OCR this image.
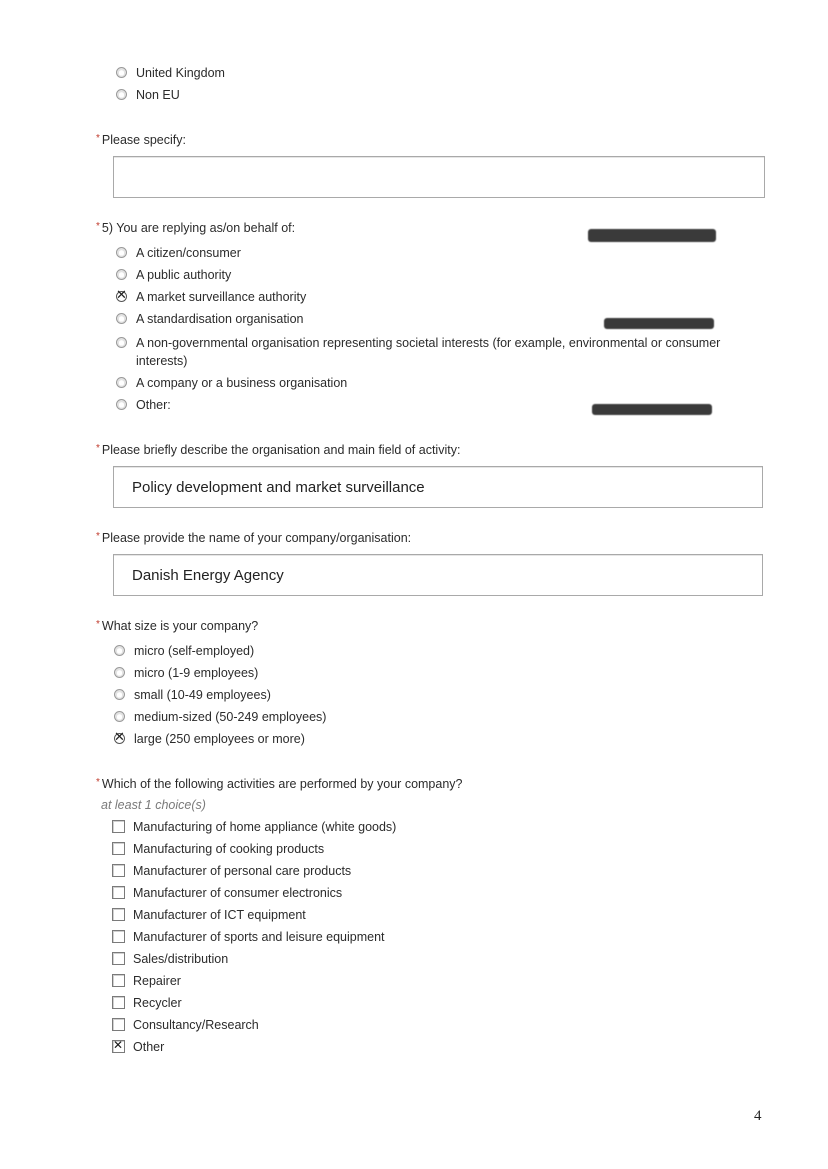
United Kingdom
Non EU
* Please specify:
* 5) You are replying as/on behalf of:
A citizen/consumer
A public authority
✕
A market surveillance authority
A standardisation organisation
A non-governmental organisation representing societal interests (for example, environmental or consumer
interests)
A company or a business organisation
Other:
* Please briefly describe the organisation and main field of activity:
Policy development and market surveillance
* Please provide the name of your company/organisation:
Danish Energy Agency
* What size is your company?
micro (self-employed)
micro (1-9 employees)
small (10-49 employees)
medium-sized (50-249 employees)
✕
large (250 employees or more)
* Which of the following activities are performed by your company?
at least 1 choice(s)
Manufacturing of home appliance (white goods)
Manufacturing of cooking products
Manufacturer of personal care products
Manufacturer of consumer electronics
Manufacturer of ICT equipment
Manufacturer of sports and leisure equipment
Sales/distribution
Repairer
Recycler
Consultancy/Research
✕
Other
4
